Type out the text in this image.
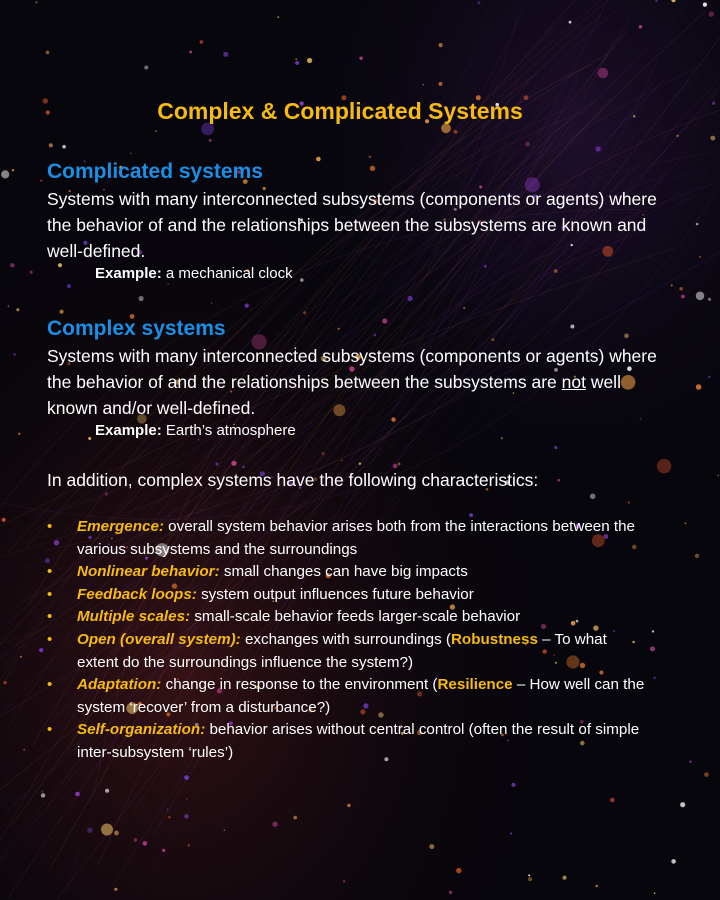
Complex & Complicated Systems
Complicated systems
Systems with many interconnected subsystems (components or agents) where the behavior of and the relationships between the subsystems are known and well-defined.
Example: a mechanical clock
Complex systems
Systems with many interconnected subsystems (components or agents) where the behavior of and the relationships between the subsystems are not well known and/or well-defined.
Example: Earth’s atmosphere
In addition, complex systems have the following characteristics:
• Emergence: overall system behavior arises both from the interactions between the various subsystems and the surroundings
• Nonlinear behavior: small changes can have big impacts
• Feedback loops: system output influences future behavior
• Multiple scales: small-scale behavior feeds larger-scale behavior
• Open (overall system): exchanges with surroundings (Robustness – To what extent do the surroundings influence the system?)
• Adaptation: change in response to the environment (Resilience – How well can the system ‘recover’ from a disturbance?)
• Self-organization: behavior arises without central control (often the result of simple inter-subsystem ‘rules’)
